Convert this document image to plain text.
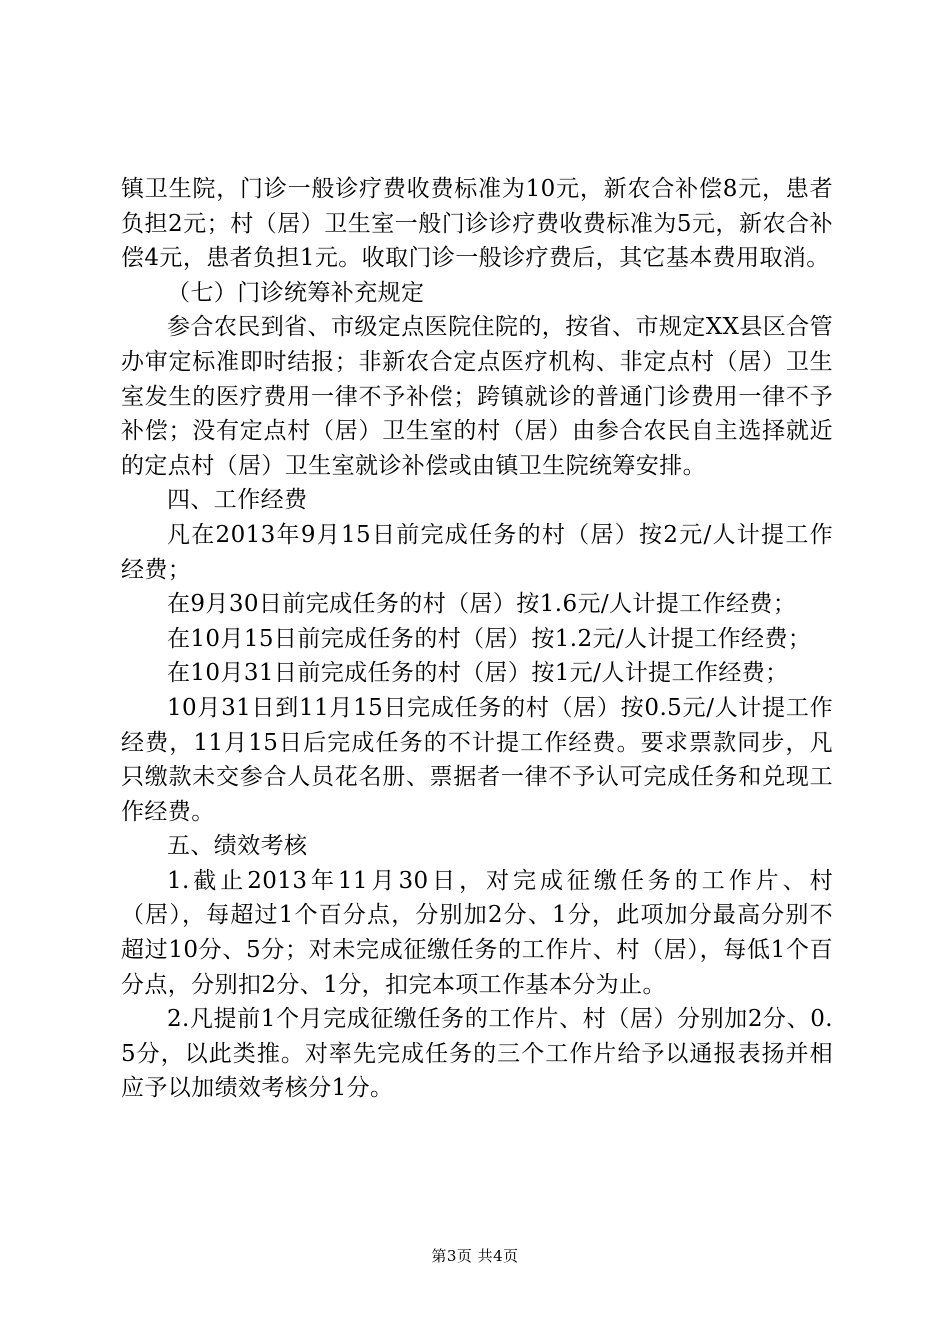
镇卫生院，门诊一般诊疗费收费标准为10元，新农合补偿8元，患者负担2元；村（居）卫生室一般门诊诊疗费收费标准为5元，新农合补偿4元，患者负担1元。收取门诊一般诊疗费后，其它基本费用取消。

（七）门诊统筹补充规定

参合农民到省、市级定点医院住院的，按省、市规定XX县区合管办审定标准即时结报；非新农合定点医疗机构、非定点村（居）卫生室发生的医疗费用一律不予补偿；跨镇就诊的普通门诊费用一律不予补偿；没有定点村（居）卫生室的村（居）由参合农民自主选择就近的定点村（居）卫生室就诊补偿或由镇卫生院统筹安排。

四、工作经费

凡在2013年9月15日前完成任务的村（居）按2元/人计提工作经费；

在9月30日前完成任务的村（居）按1.6元/人计提工作经费；

在10月15日前完成任务的村（居）按1.2元/人计提工作经费；

在10月31日前完成任务的村（居）按1元/人计提工作经费；

10月31日到11月15日完成任务的村（居）按0.5元/人计提工作经费，11月15日后完成任务的不计提工作经费。要求票款同步，凡只缴款未交参合人员花名册、票据者一律不予认可完成任务和兑现工作经费。

五、绩效考核

1.截止2013年11月30日，对完成征缴任务的工作片、村（居），每超过1个百分点，分别加2分、1分，此项加分最高分别不超过10分、5分；对未完成征缴任务的工作片、村（居），每低1个百分点，分别扣2分、1分，扣完本项工作基本分为止。

2.凡提前1个月完成征缴任务的工作片、村（居）分别加2分、0.5分，以此类推。对率先完成任务的三个工作片给予以通报表扬并相应予以加绩效考核分1分。

第3页 共4页
